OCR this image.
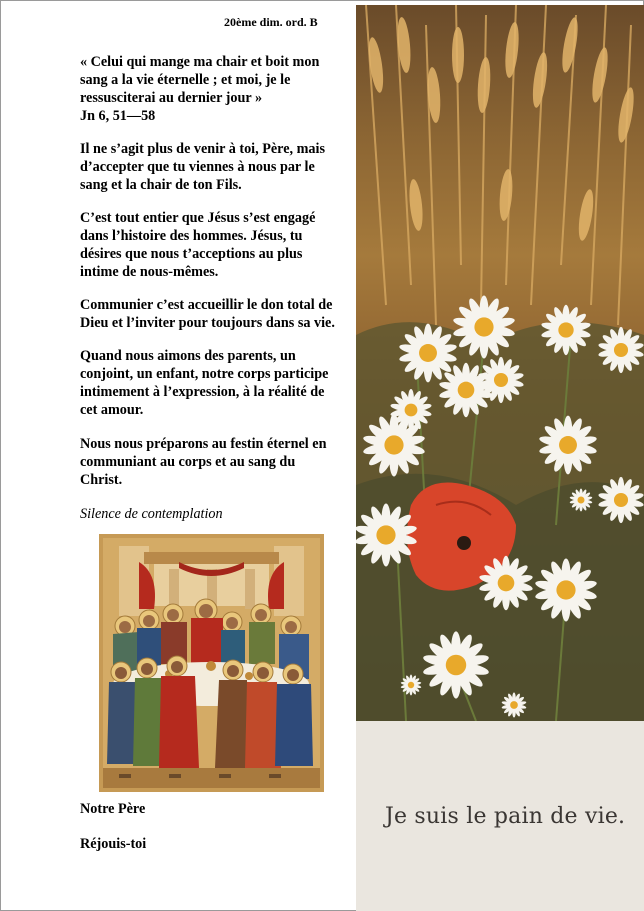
20ème dim. ord. B

« Celui qui mange ma chair et boit mon
sang a la vie éternelle ; et moi, je le
ressusciterai au dernier jour »
Jn 6, 51—58

Il ne s’agit plus de venir à toi, Père, mais
d’accepter que tu viennes à nous par le
sang et la chair de ton Fils.

C’est tout entier que Jésus s’est engagé
dans l’histoire des hommes. Jésus, tu
désires que nous t’acceptions au plus
intime de nous-mêmes.

Communier c’est accueillir le don total de
Dieu et l’inviter pour toujours dans sa vie.

Quand nous aimons des parents, un
conjoint, un enfant, notre corps participe
intimement à l’expression, à la réalité de
cet amour.

Nous nous préparons au festin éternel en
communiant au corps et au sang du
Christ.

Silence de contemplation
Notre Père
Réjouis-toi
Je suis le pain de vie.
